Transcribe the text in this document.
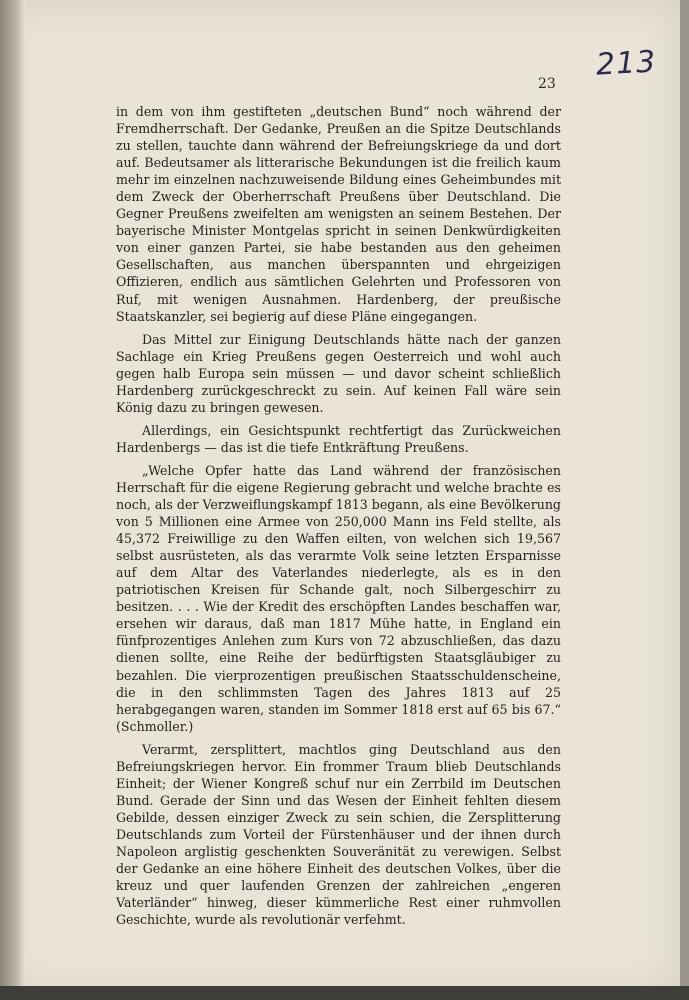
213
23

in dem von ihm gestifteten „deutschen Bund“ noch während der Fremdherrschaft. Der Gedanke, Preußen an die Spitze Deutschlands zu stellen, tauchte dann während der Befreiungskriege da und dort auf. Bedeutsamer als litterarische Bekundungen ist die freilich kaum mehr im einzelnen nachzuweisende Bildung eines Geheimbundes mit dem Zweck der Oberherrschaft Preußens über Deutschland. Die Gegner Preußens zweifelten am wenigsten an seinem Bestehen. Der bayerische Minister Montgelas spricht in seinen Denkwürdigkeiten von einer ganzen Partei, sie habe bestanden aus den geheimen Gesellschaften, aus manchen überspannten und ehrgeizigen Offizieren, endlich aus sämtlichen Gelehrten und Professoren von Ruf, mit wenigen Ausnahmen. Hardenberg, der preußische Staatskanzler, sei begierig auf diese Pläne eingegangen.

Das Mittel zur Einigung Deutschlands hätte nach der ganzen Sachlage ein Krieg Preußens gegen Oesterreich und wohl auch gegen halb Europa sein müssen — und davor scheint schließlich Hardenberg zurückgeschreckt zu sein. Auf keinen Fall wäre sein König dazu zu bringen gewesen.

Allerdings, ein Gesichtspunkt rechtfertigt das Zurückweichen Hardenbergs — das ist die tiefe Entkräftung Preußens.

„Welche Opfer hatte das Land während der französischen Herrschaft für die eigene Regierung gebracht und welche brachte es noch, als der Verzweiflungskampf 1813 begann, als eine Bevölkerung von 5 Millionen eine Armee von 250,000 Mann ins Feld stellte, als 45,372 Freiwillige zu den Waffen eilten, von welchen sich 19,567 selbst ausrüsteten, als das verarmte Volk seine letzten Ersparnisse auf dem Altar des Vaterlandes niederlegte, als es in den patriotischen Kreisen für Schande galt, noch Silbergeschirr zu besitzen. . . . Wie der Kredit des erschöpften Landes beschaffen war, ersehen wir daraus, daß man 1817 Mühe hatte, in England ein fünfprozentiges Anlehen zum Kurs von 72 abzuschließen, das dazu dienen sollte, eine Reihe der bedürftigsten Staatsgläubiger zu bezahlen. Die vierprozentigen preußischen Staatsschuldenscheine, die in den schlimmsten Tagen des Jahres 1813 auf 25 herabgegangen waren, standen im Sommer 1818 erst auf 65 bis 67.“ (Schmoller.)

Verarmt, zersplittert, machtlos ging Deutschland aus den Befreiungskriegen hervor. Ein frommer Traum blieb Deutschlands Einheit; der Wiener Kongreß schuf nur ein Zerrbild im Deutschen Bund. Gerade der Sinn und das Wesen der Einheit fehlten diesem Gebilde, dessen einziger Zweck zu sein schien, die Zersplitterung Deutschlands zum Vorteil der Fürstenhäuser und der ihnen durch Napoleon arglistig geschenkten Souveränität zu verewigen. Selbst der Gedanke an eine höhere Einheit des deutschen Volkes, über die kreuz und quer laufenden Grenzen der zahlreichen „engeren Vaterländer“ hinweg, dieser kümmerliche Rest einer ruhmvollen Geschichte, wurde als revolutionär verfehmt.
